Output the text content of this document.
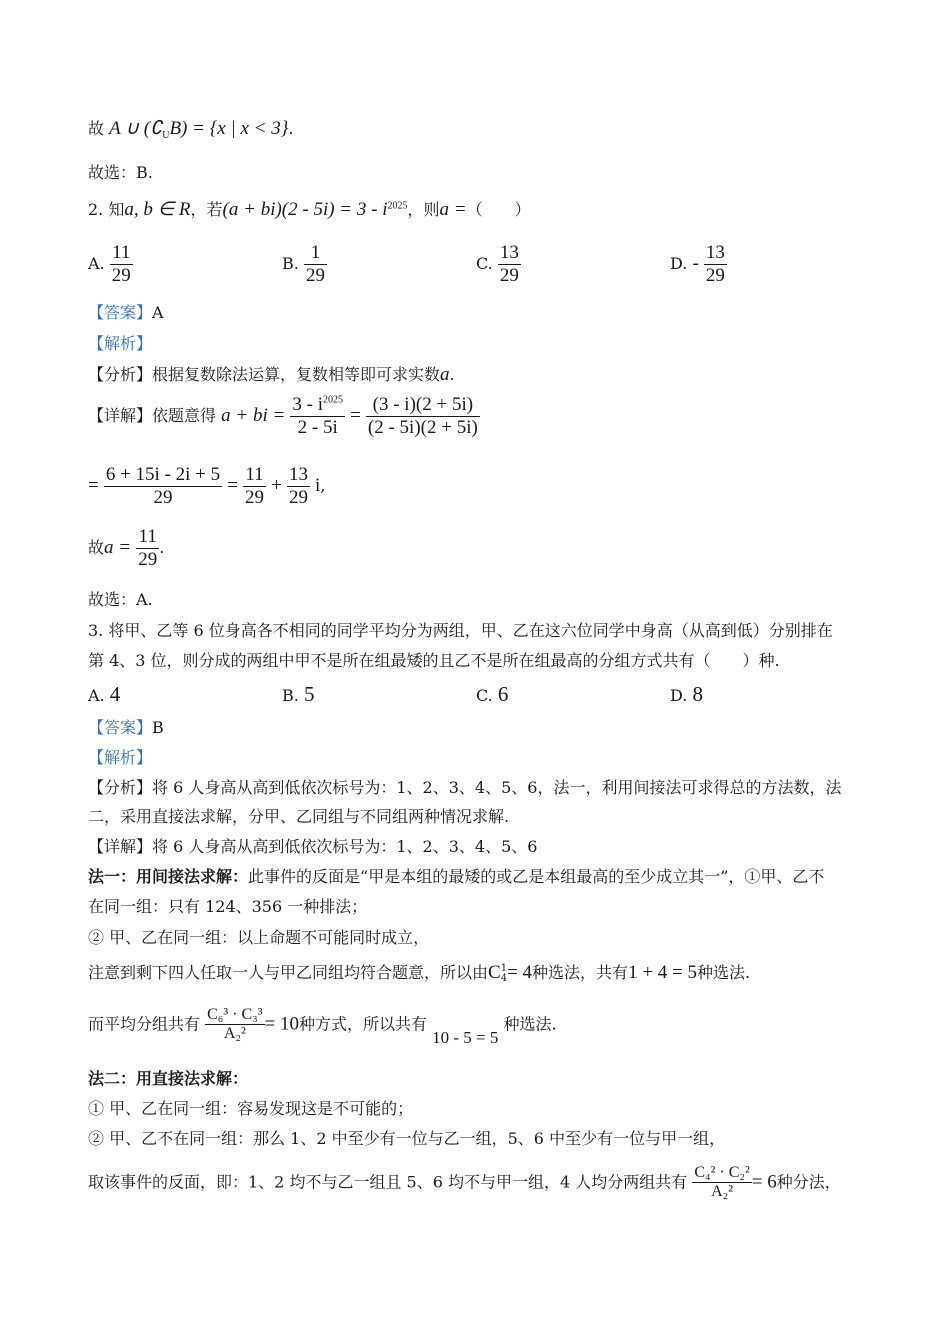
故 A ∪ $(∁_UB) = \{x$ | x < 3}.
故选：B.
2. 知a, b ∈ R，若$(a + bi)(2 - 5i) = 3 - i^{2025}$，则a =（　　）
A. $\frac{11}{29}$	B. $\frac{1}{29}$	C. $\frac{13}{29}$	D. - $\frac{13}{29}$
【答案】A
【解析】
【分析】根据复数除法运算，复数相等即可求实数a.
【详解】依题意得 a + bi = $\frac{3 - i^{2025}}{2 - 5i} = \frac{(3 - i)(2 + 5i)}{(2 - 5i)(2 + 5i)}$
= $\frac{6 + 15i - 2i + 5}{29} = \frac{11}{29} + \frac{13}{29} i$,
故$a = \frac{11}{29}$ .
故选：A.
3. 将甲、乙等 6 位身高各不相同的同学平均分为两组，甲、乙在这六位同学中身高（从高到低）分别排在
第 4、3 位，则分成的两组中甲不是所在组最矮的且乙不是所在组最高的分组方式共有（　　）种.
A. 4	B. 5	C. 6	D. 8
【答案】B
【解析】
【分析】将 6 人身高从高到低依次标号为：1、2、3、4、5、6，法一，利用间接法可求得总的方法数，法
二，采用直接法求解，分甲、乙同组与不同组两种情况求解.
【详解】将 6 人身高从高到低依次标号为：1、2、3、4、5、6
法一：用间接法求解：此事件的反面是“甲是本组的最矮的或乙是本组最高的至少成立其一”，①甲、乙不
在同一组：只有 124、356 一种排法；
② 甲、乙在同一组：以上命题不可能同时成立，
注意到剩下四人任取一人与甲乙同组均符合题意，所以由C 1
4 = 4种选法，共有1 + 4 = 5种选法.
而平均分组共有 $\frac{\text{C₆³ · C₃³}}{\text{A₂²}} = 10$种方式，所以共有 10 - 5 = 5 种选法.
法二：用直接法求解：
① 甲、乙在同一组：容易发现这是不可能的；
② 甲、乙不在同一组：那么 1、2 中至少有一位与乙一组，5、6 中至少有一位与甲一组，
取该事件的反面，即：1、2 均不与乙一组且 5、6 均不与甲一组，4 人均分两组共有 $\frac{\text{C₄² · C₂²}}{\text{A₂²}} = 6$种分法，
